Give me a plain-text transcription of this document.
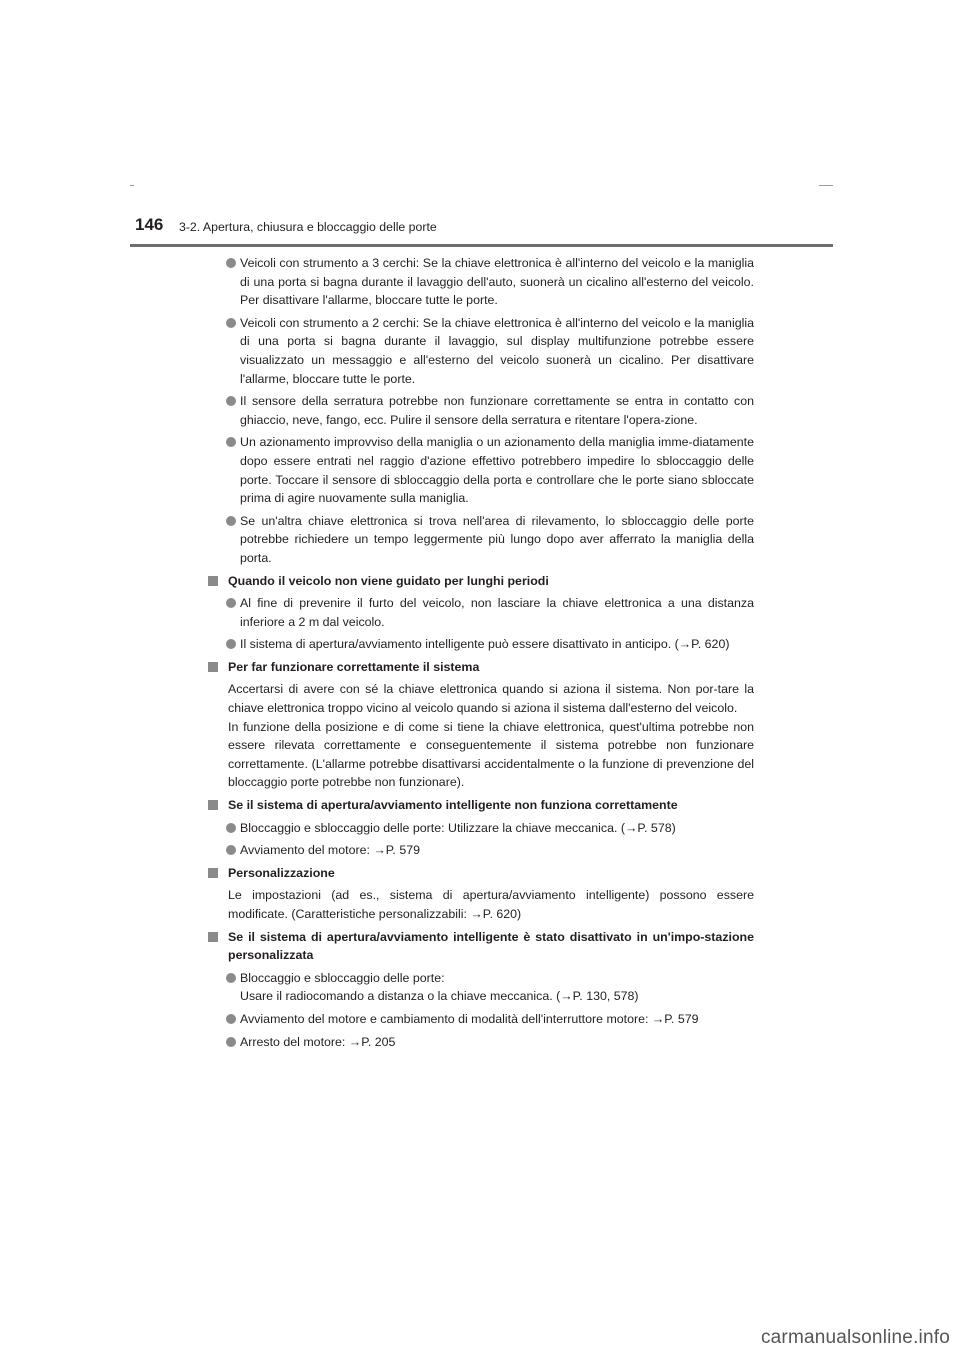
146 3-2. Apertura, chiusura e bloccaggio delle porte
Veicoli con strumento a 3 cerchi: Se la chiave elettronica è all'interno del veicolo e la maniglia di una porta si bagna durante il lavaggio dell'auto, suonerà un cicalino all'esterno del veicolo. Per disattivare l'allarme, bloccare tutte le porte.
Veicoli con strumento a 2 cerchi: Se la chiave elettronica è all'interno del veicolo e la maniglia di una porta si bagna durante il lavaggio, sul display multifunzione potrebbe essere visualizzato un messaggio e all'esterno del veicolo suonerà un cicalino. Per disattivare l'allarme, bloccare tutte le porte.
Il sensore della serratura potrebbe non funzionare correttamente se entra in contatto con ghiaccio, neve, fango, ecc. Pulire il sensore della serratura e ritentare l'opera-zione.
Un azionamento improvviso della maniglia o un azionamento della maniglia imme-diatamente dopo essere entrati nel raggio d'azione effettivo potrebbero impedire lo sbloccaggio delle porte. Toccare il sensore di sbloccaggio della porta e controllare che le porte siano sbloccate prima di agire nuovamente sulla maniglia.
Se un'altra chiave elettronica si trova nell'area di rilevamento, lo sbloccaggio delle porte potrebbe richiedere un tempo leggermente più lungo dopo aver afferrato la maniglia della porta.
Quando il veicolo non viene guidato per lunghi periodi
Al fine di prevenire il furto del veicolo, non lasciare la chiave elettronica a una distanza inferiore a 2 m dal veicolo.
Il sistema di apertura/avviamento intelligente può essere disattivato in anticipo. (→P. 620)
Per far funzionare correttamente il sistema

Accertarsi di avere con sé la chiave elettronica quando si aziona il sistema. Non por-tare la chiave elettronica troppo vicino al veicolo quando si aziona il sistema dall'esterno del veicolo.

In funzione della posizione e di come si tiene la chiave elettronica, quest'ultima potrebbe non essere rilevata correttamente e conseguentemente il sistema potrebbe non funzionare correttamente. (L'allarme potrebbe disattivarsi accidentalmente o la funzione di prevenzione del bloccaggio porte potrebbe non funzionare).

Se il sistema di apertura/avviamento intelligente non funziona correttamente
Bloccaggio e sbloccaggio delle porte: Utilizzare la chiave meccanica. (→P. 578)
Avviamento del motore: →P. 579
Personalizzazione

Le impostazioni (ad es., sistema di apertura/avviamento intelligente) possono essere modificate. (Caratteristiche personalizzabili: →P. 620)

Se il sistema di apertura/avviamento intelligente è stato disattivato in un'impo-stazione personalizzata
Bloccaggio e sbloccaggio delle porte:
Usare il radiocomando a distanza o la chiave meccanica. (→P. 130, 578)
Avviamento del motore e cambiamento di modalità dell'interruttore motore: →P. 579
Arresto del motore: →P. 205
carmanualsonline.info
